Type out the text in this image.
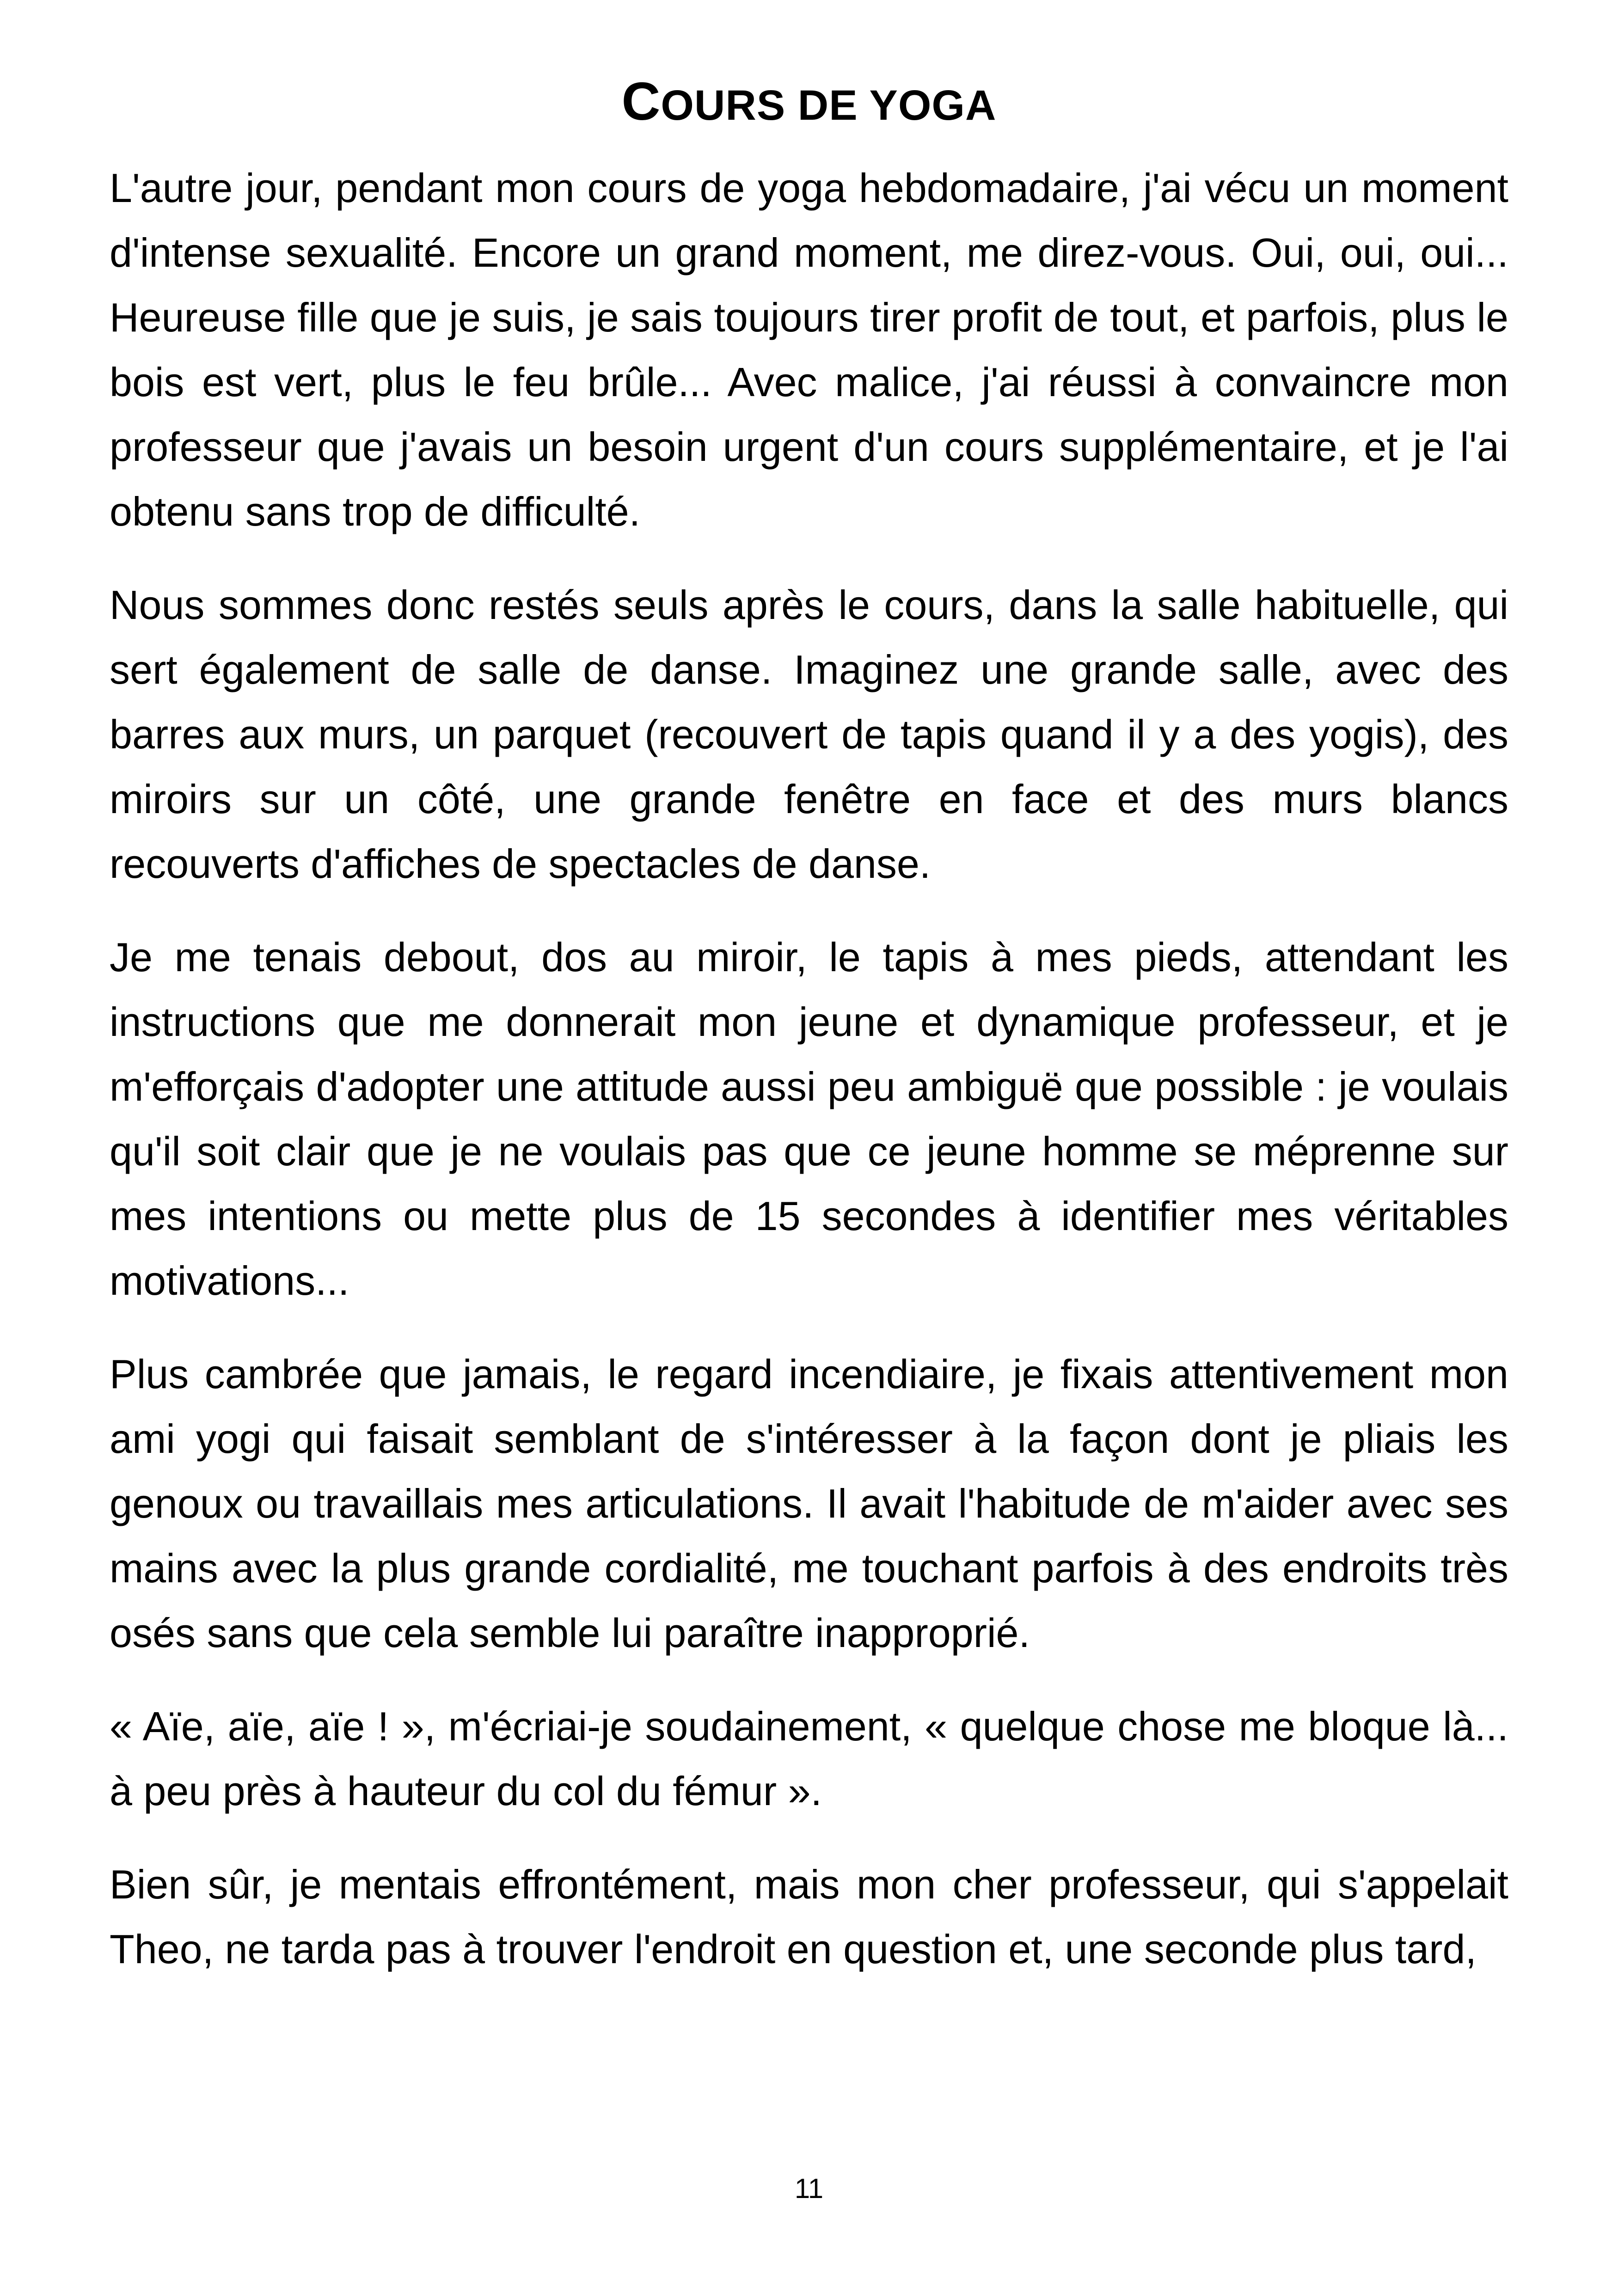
COURS DE YOGA

L'autre jour, pendant mon cours de yoga hebdomadaire, j'ai vécu un moment d'intense sexualité. Encore un grand moment, me direz-vous. Oui, oui, oui... Heureuse fille que je suis, je sais toujours tirer profit de tout, et parfois, plus le bois est vert, plus le feu brûle... Avec malice, j'ai réussi à convaincre mon professeur que j'avais un besoin urgent d'un cours supplémentaire, et je l'ai obtenu sans trop de difficulté.

Nous sommes donc restés seuls après le cours, dans la salle habituelle, qui sert également de salle de danse. Imaginez une grande salle, avec des barres aux murs, un parquet (recouvert de tapis quand il y a des yogis), des miroirs sur un côté, une grande fenêtre en face et des murs blancs recouverts d'affiches de spectacles de danse.

Je me tenais debout, dos au miroir, le tapis à mes pieds, attendant les instructions que me donnerait mon jeune et dynamique professeur, et je m'efforçais d'adopter une attitude aussi peu ambiguë que possible : je voulais qu'il soit clair que je ne voulais pas que ce jeune homme se méprenne sur mes intentions ou mette plus de 15 secondes à identifier mes véritables motivations...

Plus cambrée que jamais, le regard incendiaire, je fixais attentivement mon ami yogi qui faisait semblant de s'intéresser à la façon dont je pliais les genoux ou travaillais mes articulations. Il avait l'habitude de m'aider avec ses mains avec la plus grande cordialité, me touchant parfois à des endroits très osés sans que cela semble lui paraître inapproprié.

« Aïe, aïe, aïe ! », m'écriai-je soudainement, « quelque chose me bloque là... à peu près à hauteur du col du fémur ».

Bien sûr, je mentais effrontément, mais mon cher professeur, qui s'appelait Theo, ne tarda pas à trouver l'endroit en question et, une seconde plus tard,

11
